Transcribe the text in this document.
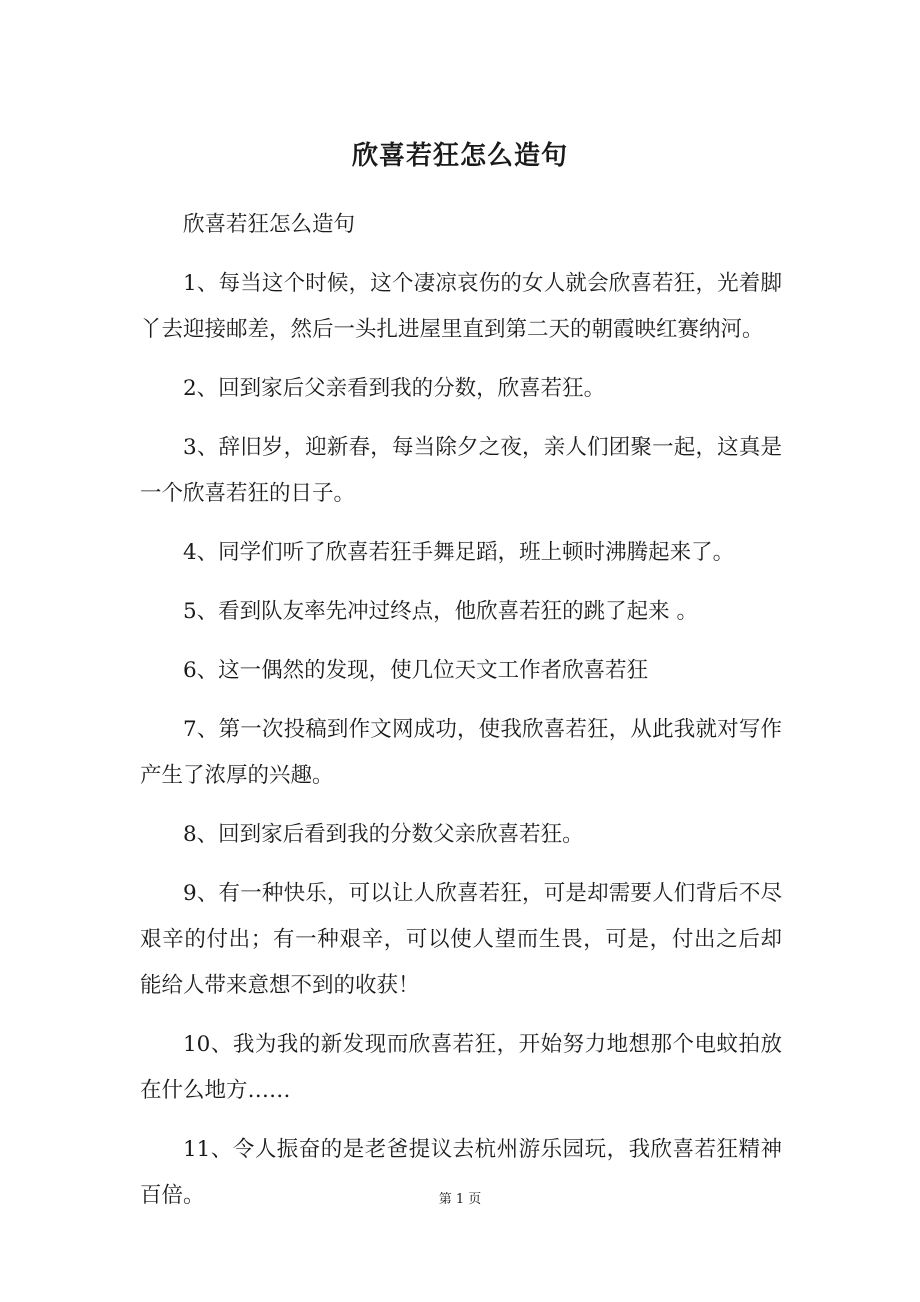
欣喜若狂怎么造句

欣喜若狂怎么造句

1、每当这个时候，这个凄凉哀伤的女人就会欣喜若狂，光着脚丫去迎接邮差，然后一头扎进屋里直到第二天的朝霞映红赛纳河。

2、回到家后父亲看到我的分数，欣喜若狂。

3、辞旧岁，迎新春，每当除夕之夜，亲人们团聚一起，这真是一个欣喜若狂的日子。

4、同学们听了欣喜若狂手舞足蹈，班上顿时沸腾起来了。

5、看到队友率先冲过终点，他欣喜若狂的跳了起来 。

6、这一偶然的发现，使几位天文工作者欣喜若狂

7、第一次投稿到作文网成功，使我欣喜若狂，从此我就对写作产生了浓厚的兴趣。

8、回到家后看到我的分数父亲欣喜若狂。

9、有一种快乐，可以让人欣喜若狂，可是却需要人们背后不尽艰辛的付出；有一种艰辛，可以使人望而生畏，可是，付出之后却能给人带来意想不到的收获！

10、我为我的新发现而欣喜若狂，开始努力地想那个电蚊拍放在什么地方……

11、令人振奋的是老爸提议去杭州游乐园玩，我欣喜若狂精神百倍。	第 1 页
